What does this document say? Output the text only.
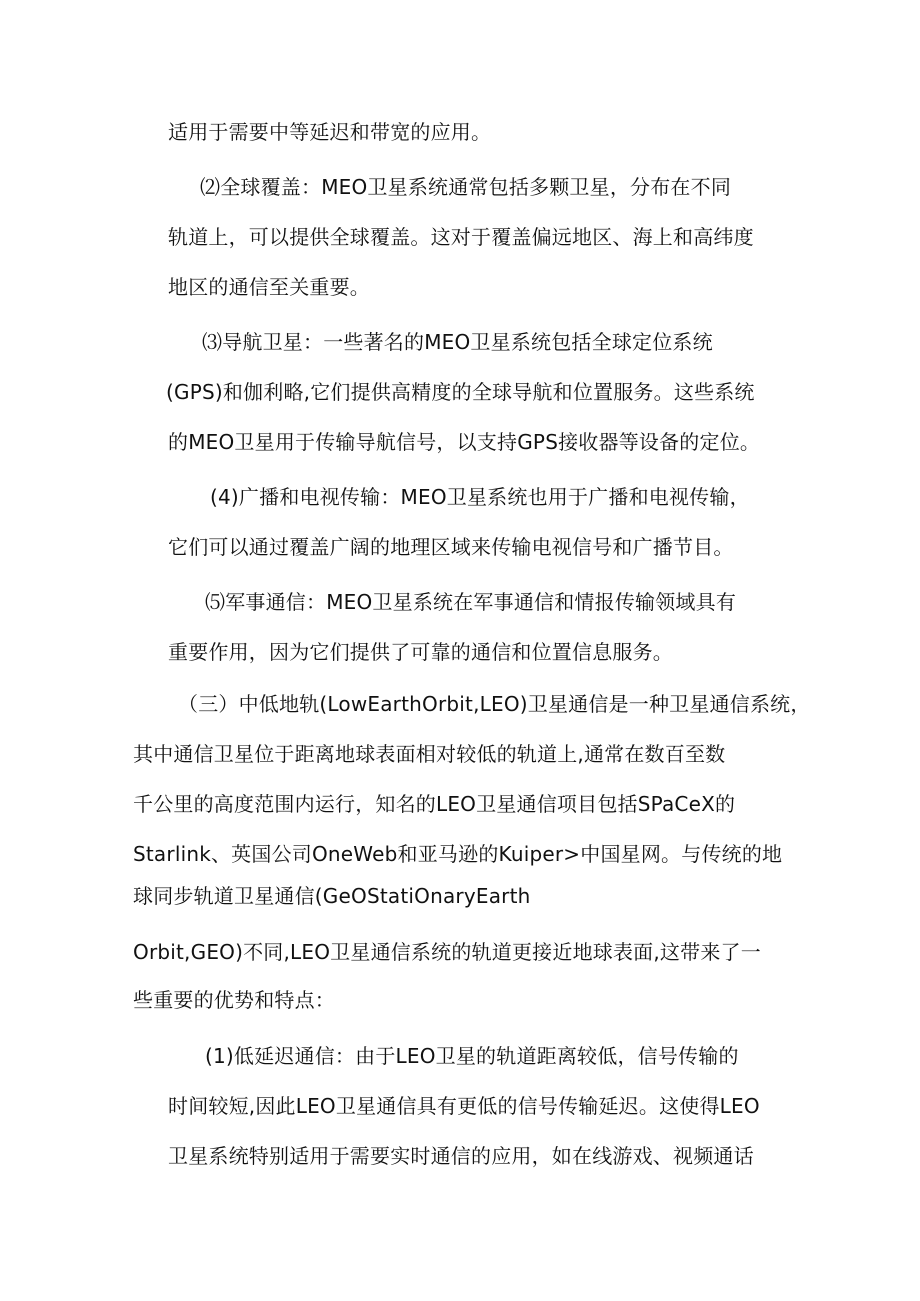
适用于需要中等延迟和带宽的应用。
⑵全球覆盖：MEO卫星系统通常包括多颗卫星，分布在不同
轨道上，可以提供全球覆盖。这对于覆盖偏远地区、海上和高纬度
地区的通信至关重要。
⑶导航卫星：一些著名的MEO卫星系统包括全球定位系统
(GPS)和伽利略,它们提供高精度的全球导航和位置服务。这些系统
的MEO卫星用于传输导航信号，以支持GPS接收器等设备的定位。
(4)广播和电视传输：MEO卫星系统也用于广播和电视传输，
它们可以通过覆盖广阔的地理区域来传输电视信号和广播节目。
⑸军事通信：MEO卫星系统在军事通信和情报传输领域具有
重要作用，因为它们提供了可靠的通信和位置信息服务。
（三）中低地轨(LowEarthOrbit,LEO)卫星通信是一种卫星通信系统，
其中通信卫星位于距离地球表面相对较低的轨道上,通常在数百至数
千公里的高度范围内运行，知名的LEO卫星通信项目包括SPaCeX的
Starlink、英国公司OneWeb和亚马逊的Kuiper>中国星网。与传统的地
球同步轨道卫星通信(GeOStatiOnaryEarth
Orbit,GEO)不同,LEO卫星通信系统的轨道更接近地球表面,这带来了一
些重要的优势和特点：
(1)低延迟通信：由于LEO卫星的轨道距离较低，信号传输的
时间较短,因此LEO卫星通信具有更低的信号传输延迟。这使得LEO
卫星系统特别适用于需要实时通信的应用，如在线游戏、视频通话
